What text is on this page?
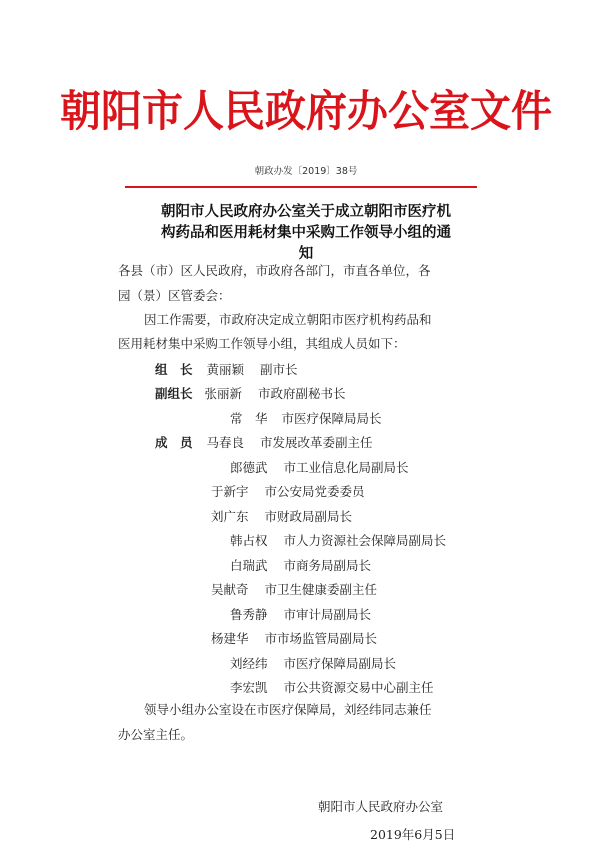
朝阳市人民政府办公室文件
朝政办发〔2019〕38号
朝阳市人民政府办公室关于成立朝阳市医疗机
构药品和医用耗材集中采购工作领导小组的通
知
各县（市）区人民政府，市政府各部门，市直各单位，各
园（景）区管委会：
因工作需要，市政府决定成立朝阳市医疗机构药品和
医用耗材集中采购工作领导小组，其组成人员如下：
组　长 黄丽颖 副市长
副组长 张丽新 市政府副秘书长
常　华 市医疗保障局局长
成　员 马春良 市发展改革委副主任
郎德武 市工业信息化局副局长
于新宇 市公安局党委委员
刘广东 市财政局副局长
韩占权 市人力资源社会保障局副局长
白瑞武 市商务局副局长
吴献奇 市卫生健康委副主任
鲁秀静 市审计局副局长
杨建华 市市场监管局副局长
刘经纬 市医疗保障局副局长
李宏凯 市公共资源交易中心副主任
领导小组办公室设在市医疗保障局，刘经纬同志兼任
办公室主任。
朝阳市人民政府办公室
2019年6月5日
